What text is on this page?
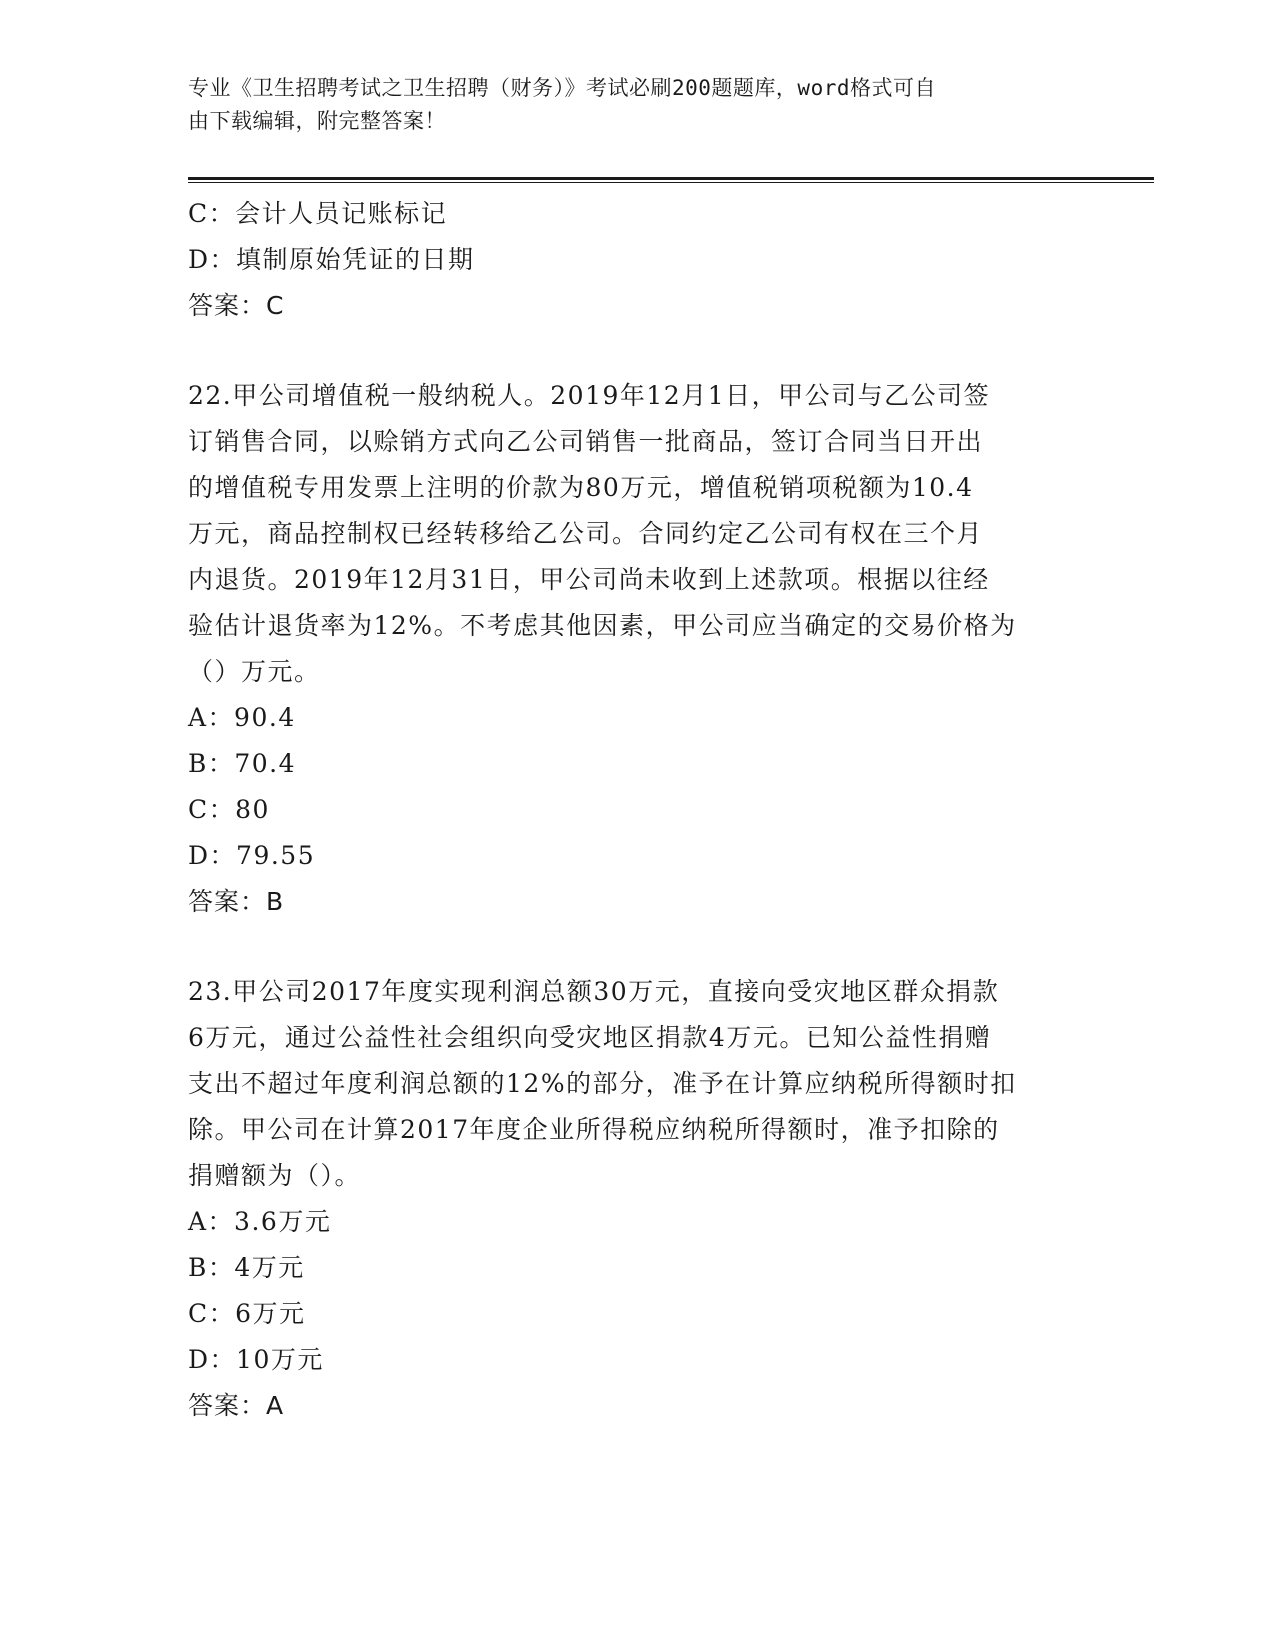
专业《卫生招聘考试之卫生招聘（财务）》考试必刷200题题库，word格式可自
由下载编辑，附完整答案！
C：会计人员记账标记
D：填制原始凭证的日期
答案：C
22.甲公司增值税一般纳税人。2019年12月1日，甲公司与乙公司签
订销售合同，以赊销方式向乙公司销售一批商品，签订合同当日开出
的增值税专用发票上注明的价款为80万元，增值税销项税额为10.4
万元，商品控制权已经转移给乙公司。合同约定乙公司有权在三个月
内退货。2019年12月31日，甲公司尚未收到上述款项。根据以往经
验估计退货率为12%。不考虑其他因素，甲公司应当确定的交易价格为
（）万元。
A：90.4
B：70.4
C：80
D：79.55
答案：B
23.甲公司2017年度实现利润总额30万元，直接向受灾地区群众捐款
6万元，通过公益性社会组织向受灾地区捐款4万元。已知公益性捐赠
支出不超过年度利润总额的12%的部分，准予在计算应纳税所得额时扣
除。甲公司在计算2017年度企业所得税应纳税所得额时，准予扣除的
捐赠额为（）。
A：3.6万元
B：4万元
C：6万元
D：10万元
答案：A
